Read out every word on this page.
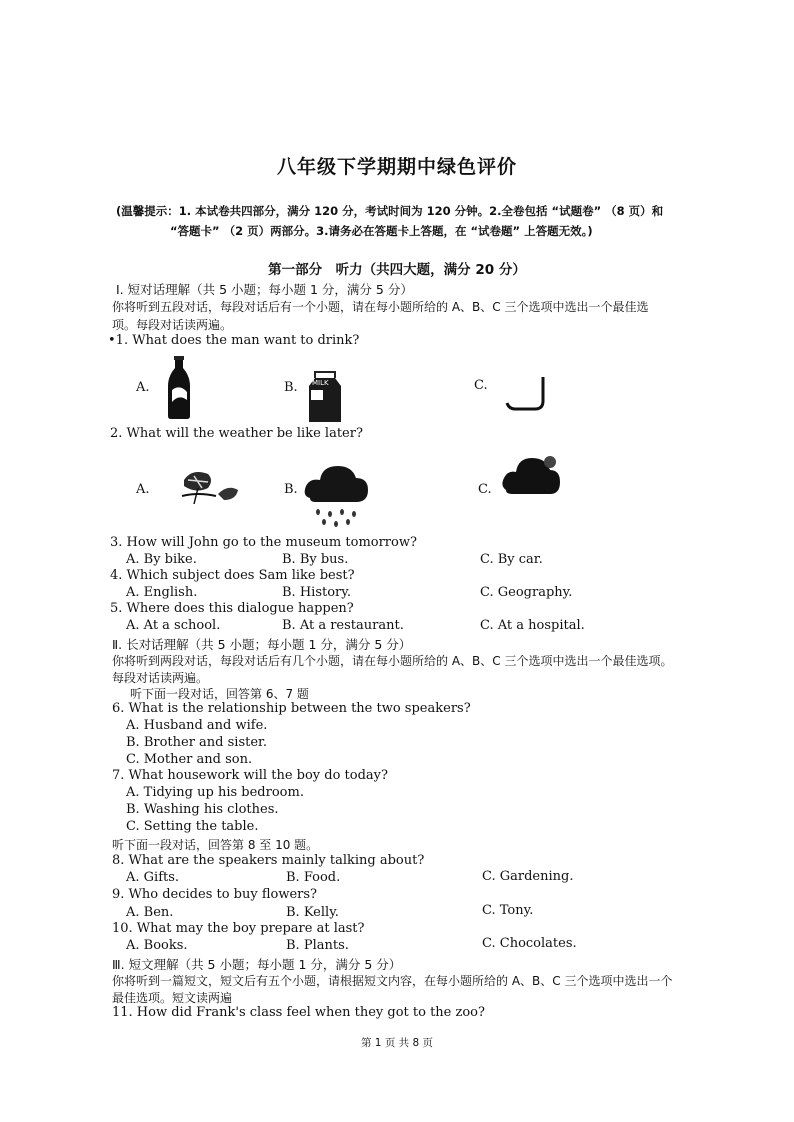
八年级下学期期中绿色评价
(温馨提示：1. 本试卷共四部分，满分 120 分，考试时间为 120 分钟。2.全卷包括 “试题卷” （8 页）和
“答题卡” （2 页）两部分。3.请务必在答题卡上答题，在 “试卷题” 上答题无效。)
第一部分　听力（共四大题，满分 20 分）
Ⅰ. 短对话理解（共 5 小题；每小题 1 分，满分 5 分）
你将听到五段对话，每段对话后有一个小题，请在每小题所给的 A、B、C 三个选项中选出一个最佳选
项。每段对话读两遍。
•1. What does the man want to drink?
A.	B. MILK	C.
2. What will the weather be like later?
A.	B.	C.
3. How will John go to the museum tomorrow?
A. By bike.	B. By bus.	C. By car.
4. Which subject does Sam like best?
A. English.	B. History.	C. Geography.
5. Where does this dialogue happen?
A. At a school.	B. At a restaurant.	C. At a hospital.
Ⅱ. 长对话理解（共 5 小题；每小题 1 分，满分 5 分）
你将听到两段对话，每段对话后有几个小题，请在每小题所给的 A、B、C 三个选项中选出一个最佳选项。
每段对话读两遍。
听下面一段对话，回答第 6、7 题
6. What is the relationship between the two speakers?
A. Husband and wife.
B. Brother and sister.
C. Mother and son.
7. What housework will the boy do today?
A. Tidying up his bedroom.
B. Washing his clothes.
C. Setting the table.
听下面一段对话，回答第 8 至 10 题。
8. What are the speakers mainly talking about?
A. Gifts.	B. Food.	C. Gardening.
9. Who decides to buy flowers?
A. Ben.	B. Kelly.	C. Tony.
10. What may the boy prepare at last?
A. Books.	B. Plants.	C. Chocolates.
Ⅲ. 短文理解（共 5 小题；每小题 1 分，满分 5 分）
你将听到一篇短文，短文后有五个小题，请根据短文内容，在每小题所给的 A、B、C 三个选项中选出一个
最佳选项。短文读两遍
11. How did Frank's class feel when they got to the zoo?
第 1 页 共 8 页
